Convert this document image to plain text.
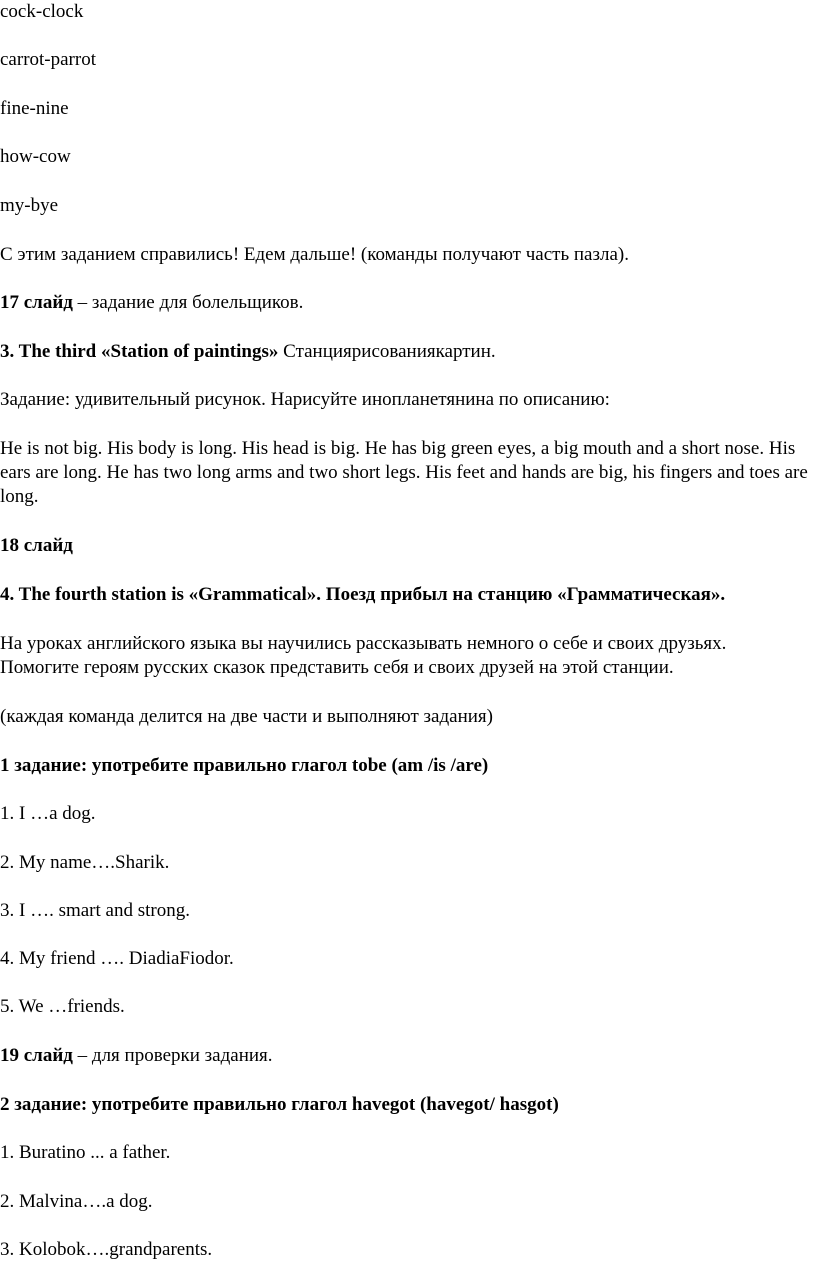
cock-clock

carrot-parrot

fine-nine

how-cow

my-bye

С этим заданием справились! Едем дальше! (команды получают часть пазла).

17 слайд – задание для болельщиков.

3. The third «Station of paintings» Станциярисованиякартин.

Задание: удивительный рисунок. Нарисуйте инопланетянина по описанию:

He is not big. His body is long. His head is big. He has big green eyes, a big mouth and a short nose. His ears are long. He has two long arms and two short legs. His feet and hands are big, his fingers and toes are long.

18 слайд

4. The fourth station is «Grammatical». Поезд прибыл на станцию «Грамматическая».

На уроках английского языка вы научились рассказывать немного о себе и своих друзьях. Помогите героям русских сказок представить себя и своих друзей на этой станции.

(каждая команда делится на две части и выполняют задания)

1 задание: употребите правильно глагол tobe (am /is /are)

1. I …a dog.

2. My name….Sharik.

3. I …. smart and strong.

4. My friend …. DiadiaFiodor.

5. We …friends.

19 слайд – для проверки задания.

2 задание: употребите правильно глагол havegot (havegot/ hasgot)

1. Buratino ... a father.

2. Malvina….a dog.

3. Kolobok….grandparents.
